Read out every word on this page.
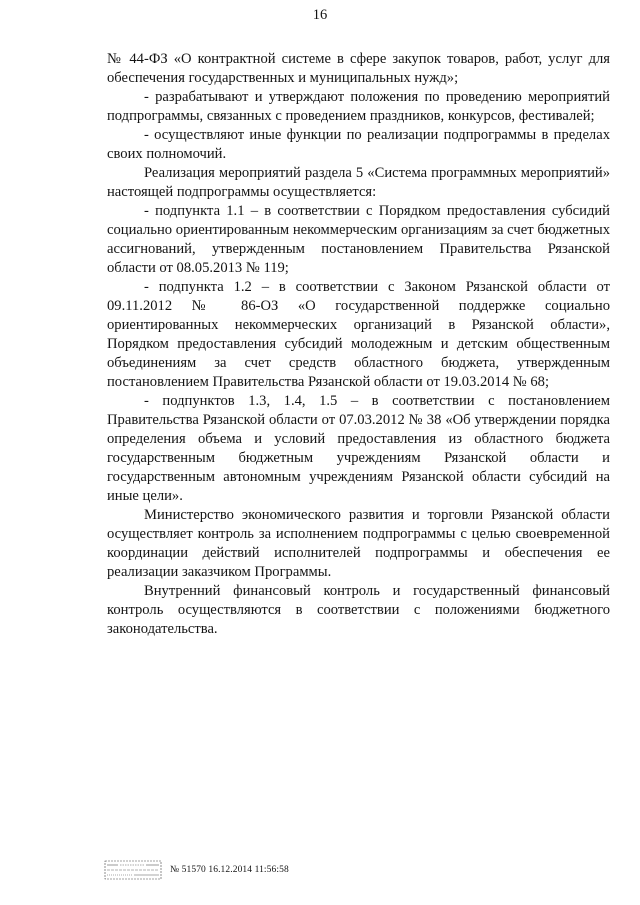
16

№ 44-ФЗ «О контрактной системе в сфере закупок товаров, работ, услуг для обеспечения государственных и муниципальных нужд»;

- разрабатывают и утверждают положения по проведению мероприятий подпрограммы, связанных с проведением праздников, конкурсов, фестивалей;

- осуществляют иные функции по реализации подпрограммы в пределах своих полномочий.

Реализация мероприятий раздела 5 «Система программных мероприятий» настоящей подпрограммы осуществляется:

- подпункта 1.1 – в соответствии с Порядком предоставления субсидий социально ориентированным некоммерческим организациям за счет бюджетных ассигнований, утвержденным постановлением Правительства Рязанской области от 08.05.2013 № 119;

- подпункта 1.2 – в соответствии с Законом Рязанской области от 09.11.2012 № 86-ОЗ «О государственной поддержке социально ориентированных некоммерческих организаций в Рязанской области», Порядком предоставления субсидий молодежным и детским общественным объединениям за счет средств областного бюджета, утвержденным постановлением Правительства Рязанской области от 19.03.2014 № 68;

- подпунктов 1.3, 1.4, 1.5 – в соответствии с постановлением Правительства Рязанской области от 07.03.2012 № 38 «Об утверждении порядка определения объема и условий предоставления из областного бюджета государственным бюджетным учреждениям Рязанской области и государственным автономным учреждениям Рязанской области субсидий на иные цели».

Министерство экономического развития и торговли Рязанской области осуществляет контроль за исполнением подпрограммы с целью своевременной координации действий исполнителей подпрограммы и обеспечения ее реализации заказчиком Программы.

Внутренний финансовый контроль и государственный финансовый контроль осуществляются в соответствии с положениями бюджетного законодательства.

№ 51570 16.12.2014 11:56:58
